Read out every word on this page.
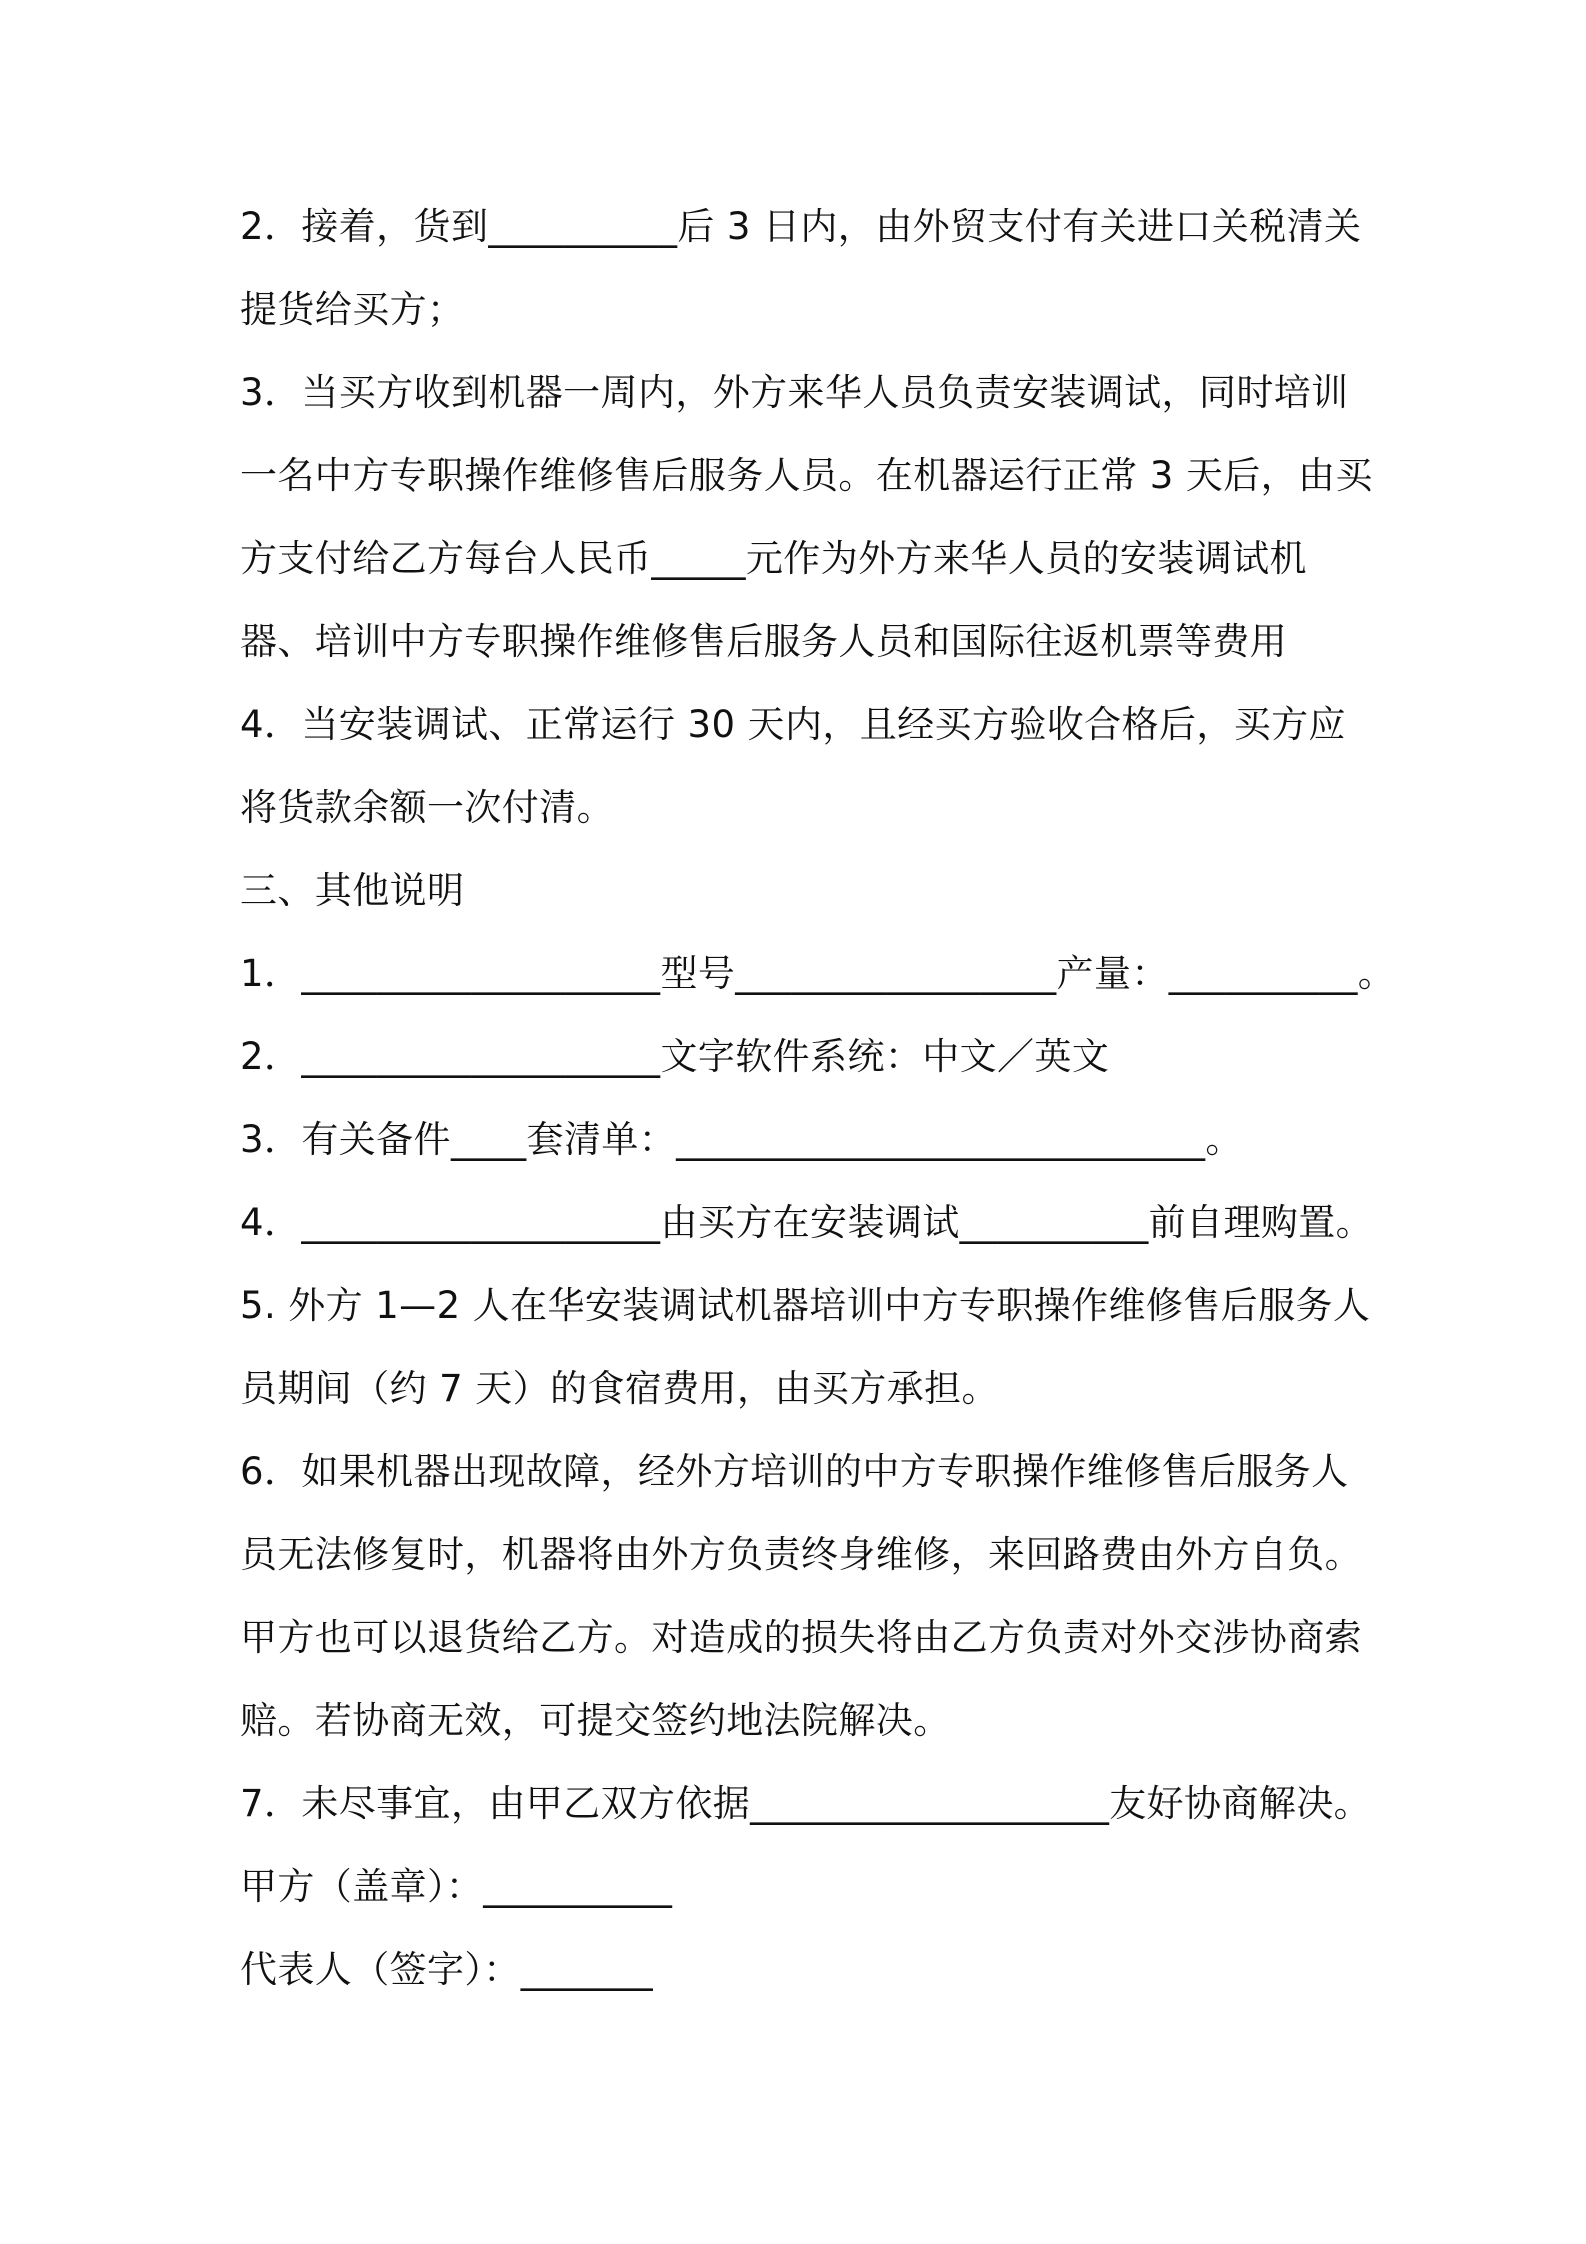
2．接着，货到__________后 3 日内，由外贸支付有关进口关税清关
提货给买方；
3．当买方收到机器一周内，外方来华人员负责安装调试，同时培训
一名中方专职操作维修售后服务人员。在机器运行正常 3 天后，由买
方支付给乙方每台人民币_____元作为外方来华人员的安装调试机
器、培训中方专职操作维修售后服务人员和国际往返机票等费用
4．当安装调试、正常运行 30 天内，且经买方验收合格后，买方应
将货款余额一次付清。
三、其他说明
1．___________________型号_________________产量：__________。
2．___________________文字软件系统：中文／英文
3．有关备件____套清单：____________________________。
4．___________________由买方在安装调试__________前自理购置。
5. 外方 1—2 人在华安装调试机器培训中方专职操作维修售后服务人
员期间（约 7 天）的食宿费用，由买方承担。
6．如果机器出现故障，经外方培训的中方专职操作维修售后服务人
员无法修复时，机器将由外方负责终身维修，来回路费由外方自负。
甲方也可以退货给乙方。对造成的损失将由乙方负责对外交涉协商索
赔。若协商无效，可提交签约地法院解决。
7．未尽事宜，由甲乙双方依据___________________友好协商解决。
甲方（盖章）：__________
代表人（签字）：_______
